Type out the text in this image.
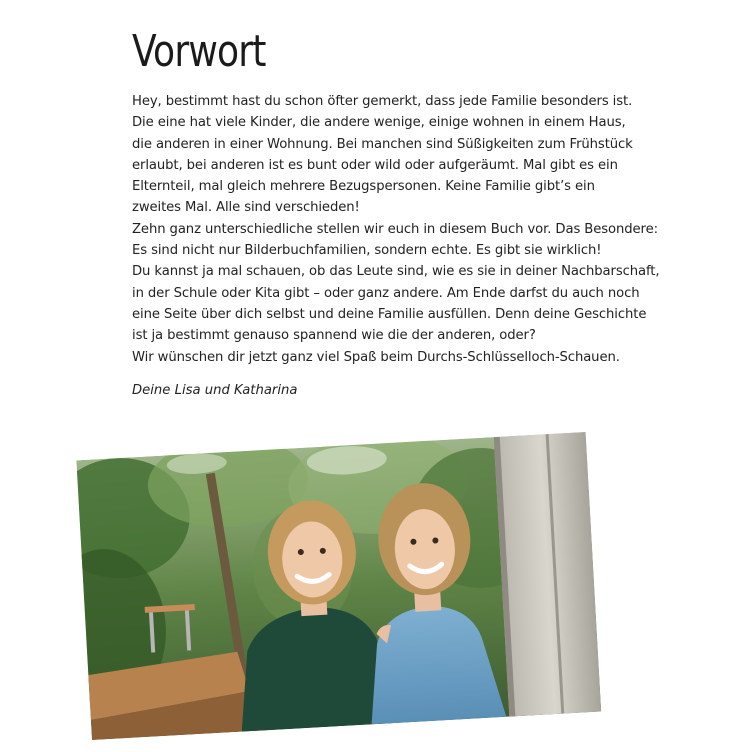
Vorwort
Hey, bestimmt hast du schon öfter gemerkt, dass jede Familie besonders ist.
Die eine hat viele Kinder, die andere wenige, einige wohnen in einem Haus,
die anderen in einer Wohnung. Bei manchen sind Süßigkeiten zum Frühstück
erlaubt, bei anderen ist es bunt oder wild oder aufgeräumt. Mal gibt es ein
Elternteil, mal gleich mehrere Bezugspersonen. Keine Familie gibt’s ein
zweites Mal. Alle sind verschieden!
Zehn ganz unterschiedliche stellen wir euch in diesem Buch vor. Das Besondere:
Es sind nicht nur Bilderbuchfamilien, sondern echte. Es gibt sie wirklich!
Du kannst ja mal schauen, ob das Leute sind, wie es sie in deiner Nachbarschaft,
in der Schule oder Kita gibt – oder ganz andere. Am Ende darfst du auch noch
eine Seite über dich selbst und deine Familie ausfüllen. Denn deine Geschichte
ist ja bestimmt genauso spannend wie die der anderen, oder?
Wir wünschen dir jetzt ganz viel Spaß beim Durchs-Schlüsselloch-Schauen.
Deine Lisa und Katharina
